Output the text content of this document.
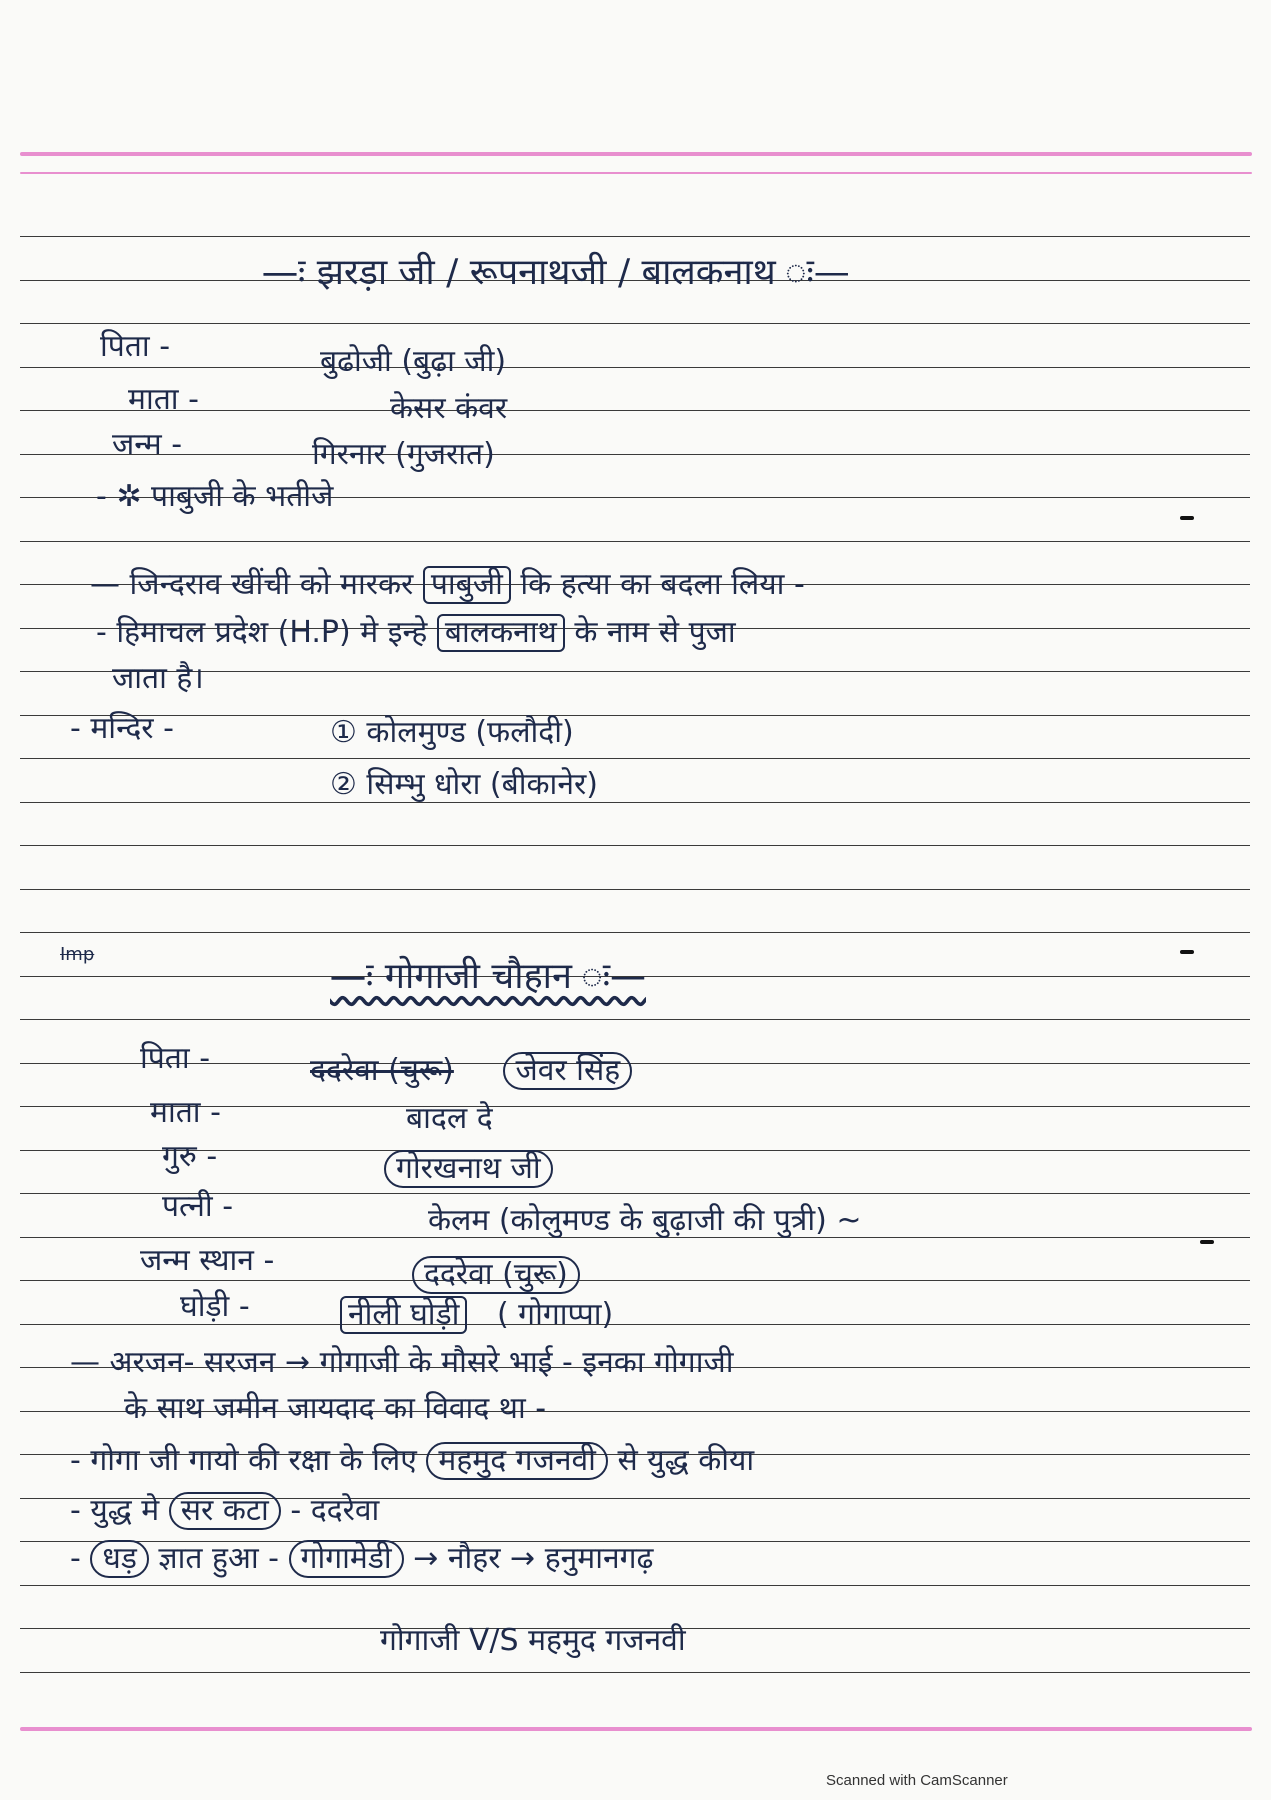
—ः झरड़ा जी / रूपनाथजी / बालकनाथ ः—
पिता -	बुढोजी (बुढ़ा जी)
माता -	केसर कंवर
जन्म -	गिरनार (गुजरात)
- ✲ पाबुजी के भतीजे
— जिन्दराव खींची को मारकर पाबुजी कि हत्या का बदला लिया -
- हिमाचल प्रदेश (H.P) मे इन्हे बालकनाथ के नाम से पुजा
जाता है।
- मन्दिर -	① कोलमुण्ड (फलौदी)
② सिम्भु धोरा (बीकानेर)
Imp
—ः गोगाजी चौहान ः—
पिता -	ददरेवा (चुरू) जेवर सिंह
माता -	बादल दे
गुरु -	गोरखनाथ जी
पत्नी -	केलम (कोलुमण्ड के बुढ़ाजी की पुत्री) ~
जन्म स्थान -	ददरेवा (चुरू)
घोड़ी -	नीली घोड़ी ( गोगाप्पा)
— अरजन- सरजन → गोगाजी के मौसरे भाई - इनका गोगाजी
के साथ जमीन जायदाद का विवाद था -
- गोगा जी गायो की रक्षा के लिए महमुद गजनवी से युद्ध कीया
- युद्ध मे सर कटा - ददरेवा
- धड़ ज्ञात हुआ - गोगामेडी → नौहर → हनुमानगढ़
गोगाजी V/S महमुद गजनवी
Scanned with CamScanner
